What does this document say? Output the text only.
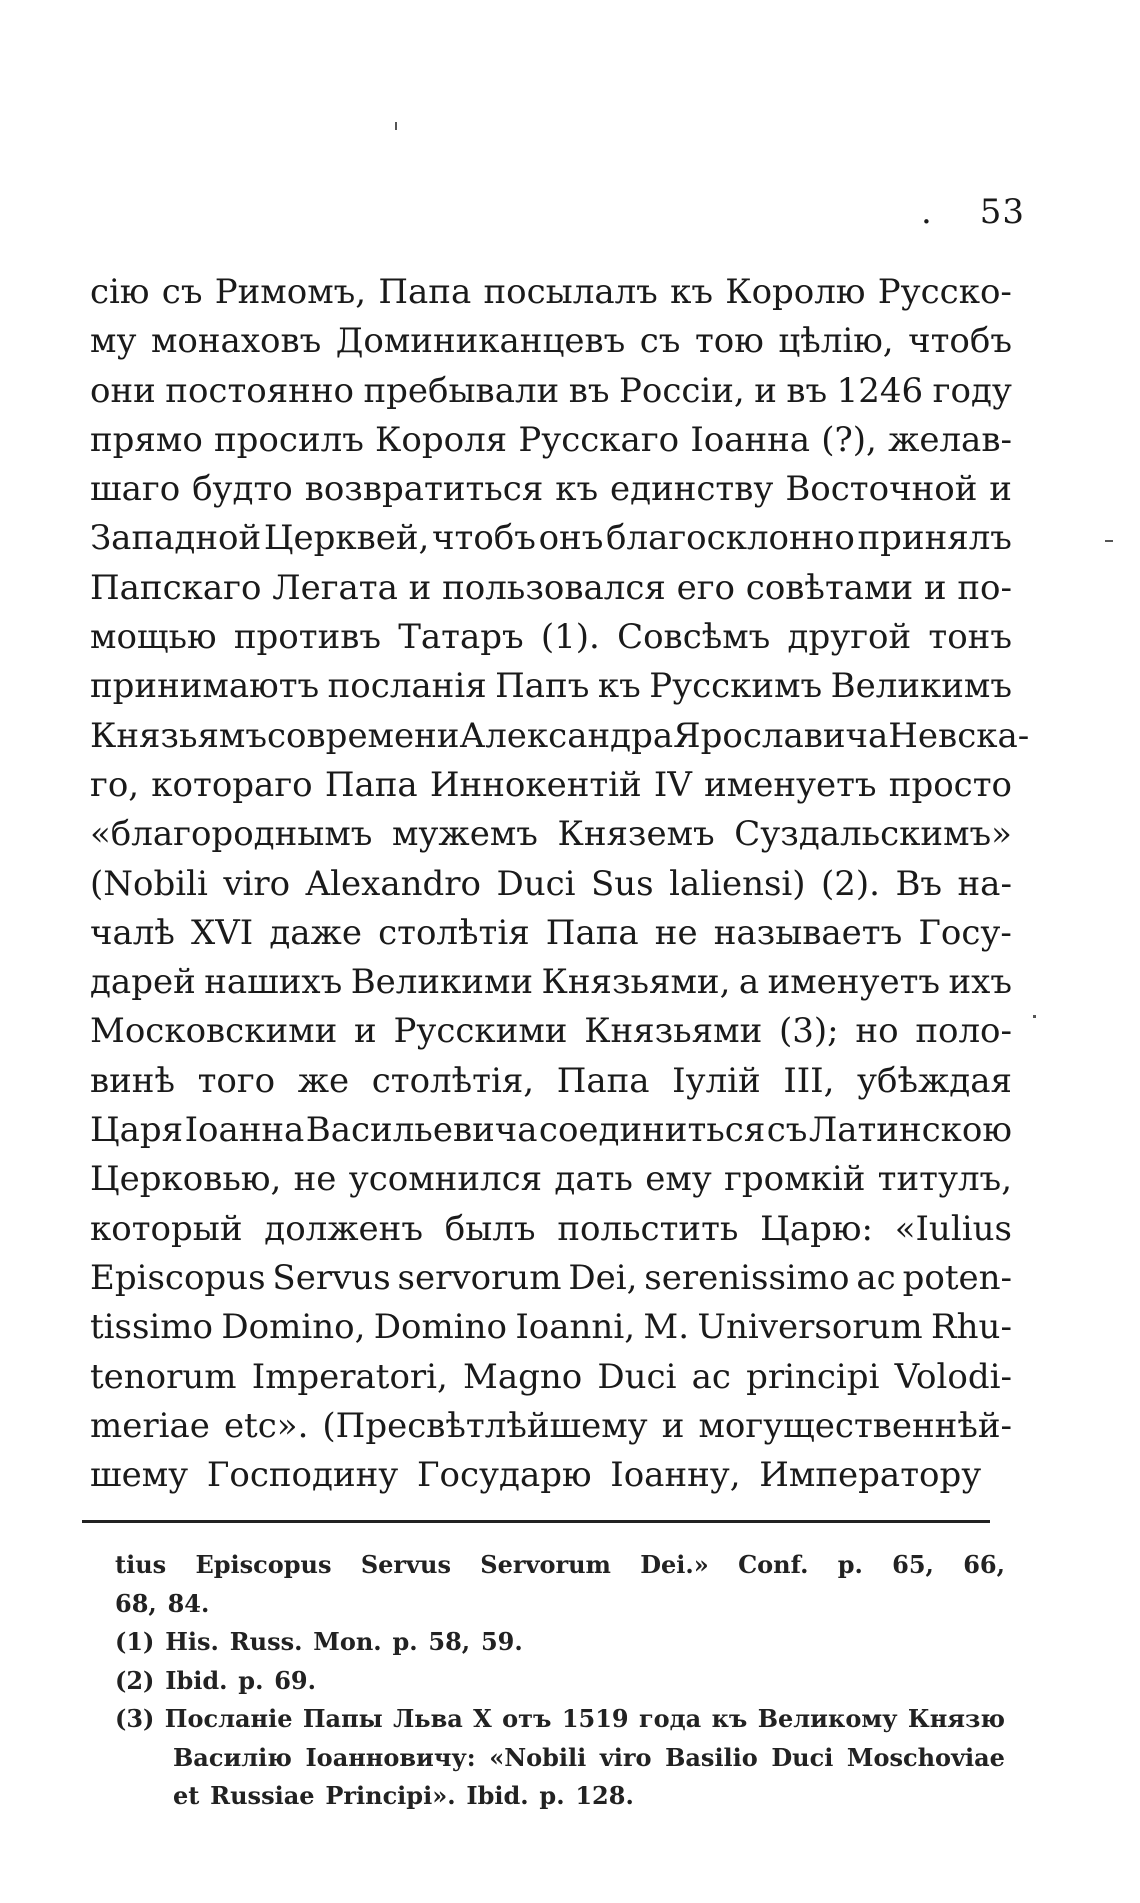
.	53
сію съ Римомъ, Папа посылалъ къ Королю Русско-
му монаховъ Доминиканцевъ съ тою цѣлію, чтобъ
они постоянно пребывали въ Россіи, и въ 1246 году
прямо просилъ Короля Русскаго Іоанна (?), желав-
шаго будто возвратиться къ единству Восточной и
Западной Церквей, чтобъ онъ благосклонно принялъ
Папскаго Легата и пользовался его совѣтами и по-
мощью противъ Татаръ (1). Совсѣмъ другой тонъ
принимаютъ посланія Папъ къ Русскимъ Великимъ
Князьямъ со времени Александра Ярославича Невска-
го, котораго Папа Иннокентій IV именуетъ просто
«благороднымъ мужемъ Княземъ Суздальскимъ»
(Nobili viro Alexandro Duci Sus laliensi) (2). Въ на-
чалѣ XVI даже столѣтія Папа не называетъ Госу-
дарей нашихъ Великими Князьями, а именуетъ ихъ
Московскими и Русскими Князьями (3); но поло-
винѣ того же столѣтія, Папа Іулій III, убѣждая
Царя Іоанна Васильевича соединиться съ Латинскою
Церковью, не усомнился дать ему громкій титулъ,
который долженъ былъ польстить Царю: «Iulius
Episcopus Servus servorum Dei, serenissimo ac poten-
tissimo Domino, Domino Ioanni, M. Universorum Rhu-
tenorum Imperatori, Magno Duci ac principi Volodi-
meriae etc». (Пресвѣтлѣйшему и могущественнѣй-
шему Господину Государю Іоанну, Императору
tius Episcopus Servus Servorum Dei.» Conf. p. 65, 66,
68, 84.
(1) His. Russ. Mon. p. 58, 59.
(2) Ibid. p. 69.
(3) Посланіе Папы Льва X отъ 1519 года къ Великому Князю
Василію Іоанновичу: «Nobili viro Basilio Duci Moschoviae
et Russiae Principi». Ibid. p. 128.
